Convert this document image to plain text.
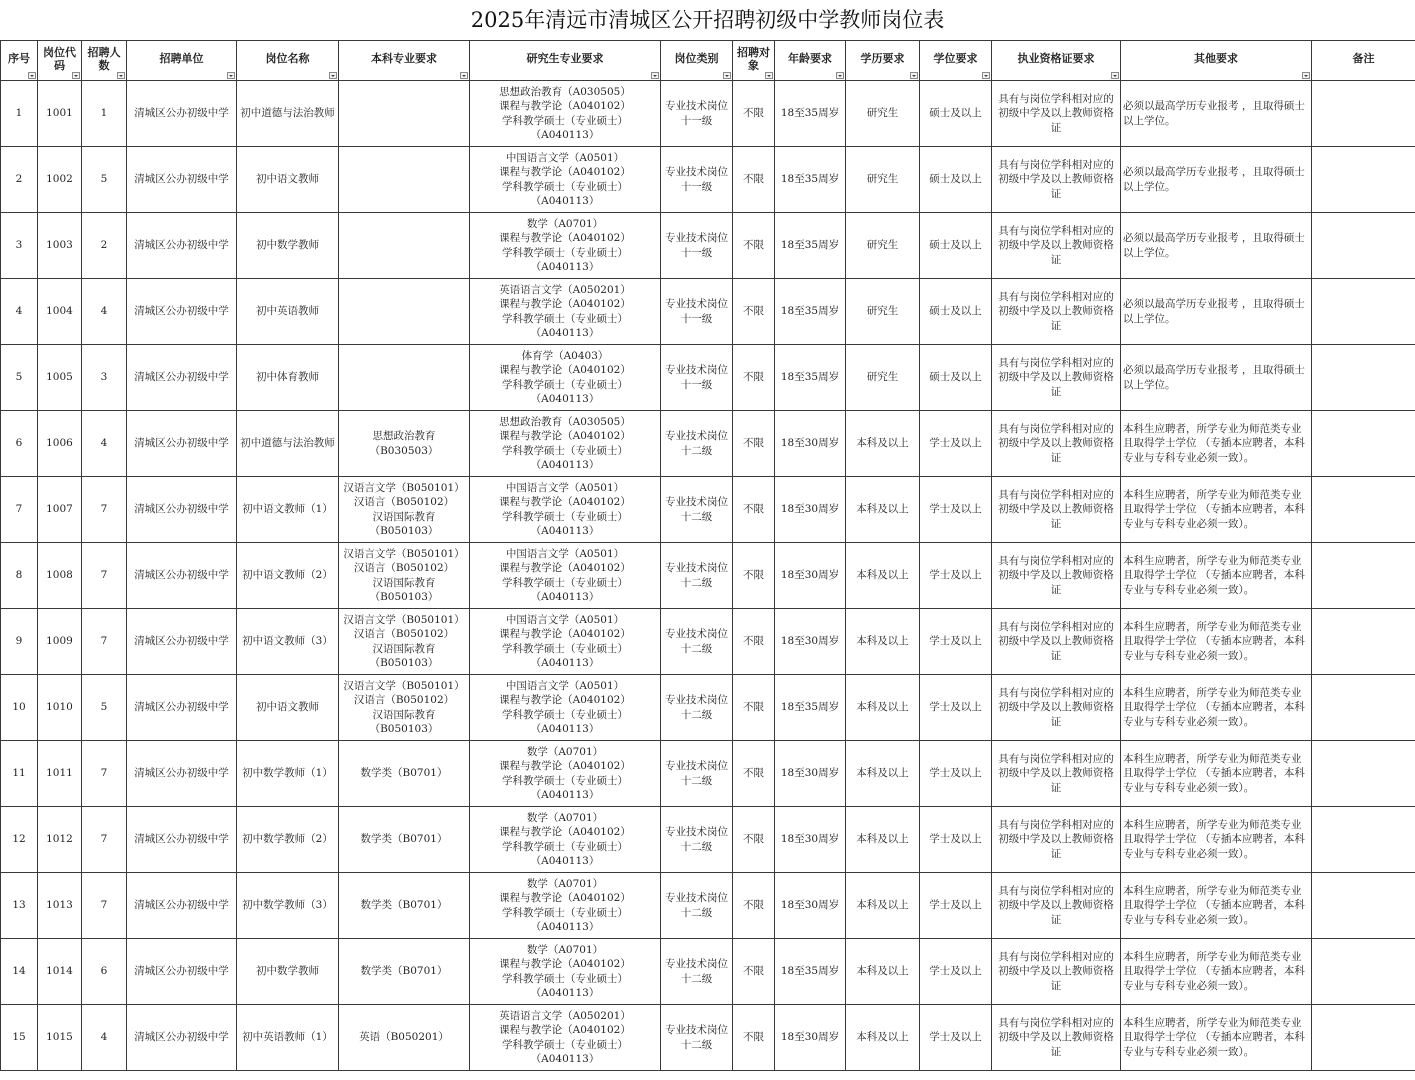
2025年清远市清城区公开招聘初级中学教师岗位表
序号	岗位代码	招聘人数	招聘单位	岗位名称	本科专业要求	研究生专业要求	岗位类别	招聘对象	年龄要求	学历要求	学位要求	执业资格证要求	其他要求	备注

1	1001	1	清城区公办初级中学	初中道德与法治教师		思想政治教育（A030505）
课程与教学论（A040102）
学科教学硕士（专业硕士）
（A040113）	专业技术岗位十一级	不限	18至35周岁	研究生	硕士及以上	具有与岗位学科相对应的初级中学及以上教师资格证	必须以最高学历专业报考 ，且取得硕士以上学位。	
2	1002	5	清城区公办初级中学	初中语文教师		中国语言文学（A0501）
课程与教学论（A040102）
学科教学硕士（专业硕士）
（A040113）	专业技术岗位十一级	不限	18至35周岁	研究生	硕士及以上	具有与岗位学科相对应的初级中学及以上教师资格证	必须以最高学历专业报考 ，且取得硕士以上学位。	
3	1003	2	清城区公办初级中学	初中数学教师		数学（A0701）
课程与教学论（A040102）
学科教学硕士（专业硕士）
（A040113）	专业技术岗位十一级	不限	18至35周岁	研究生	硕士及以上	具有与岗位学科相对应的初级中学及以上教师资格证	必须以最高学历专业报考 ，且取得硕士以上学位。	
4	1004	4	清城区公办初级中学	初中英语教师		英语语言文学（A050201）
课程与教学论（A040102）
学科教学硕士（专业硕士）
（A040113）	专业技术岗位十一级	不限	18至35周岁	研究生	硕士及以上	具有与岗位学科相对应的初级中学及以上教师资格证	必须以最高学历专业报考 ，且取得硕士以上学位。	
5	1005	3	清城区公办初级中学	初中体育教师		体育学（A0403）
课程与教学论（A040102）
学科教学硕士（专业硕士）
（A040113）	专业技术岗位十一级	不限	18至35周岁	研究生	硕士及以上	具有与岗位学科相对应的初级中学及以上教师资格证	必须以最高学历专业报考 ，且取得硕士以上学位。	
6	1006	4	清城区公办初级中学	初中道德与法治教师	思想政治教育
（B030503）	思想政治教育（A030505）
课程与教学论（A040102）
学科教学硕士（专业硕士）
（A040113）	专业技术岗位十二级	不限	18至30周岁	本科及以上	学士及以上	具有与岗位学科相对应的初级中学及以上教师资格证	本科生应聘者，所学专业为师范类专业且取得学士学位 （专插本应聘者，本科专业与专科专业必须一致）。	
7	1007	7	清城区公办初级中学	初中语文教师（1）	汉语言文学（B050101）
汉语言（B050102）
汉语国际教育
（B050103）	中国语言文学（A0501）
课程与教学论（A040102）
学科教学硕士（专业硕士）
（A040113）	专业技术岗位十二级	不限	18至30周岁	本科及以上	学士及以上	具有与岗位学科相对应的初级中学及以上教师资格证	本科生应聘者，所学专业为师范类专业且取得学士学位 （专插本应聘者，本科专业与专科专业必须一致）。	
8	1008	7	清城区公办初级中学	初中语文教师（2）	汉语言文学（B050101）
汉语言（B050102）
汉语国际教育
（B050103）	中国语言文学（A0501）
课程与教学论（A040102）
学科教学硕士（专业硕士）
（A040113）	专业技术岗位十二级	不限	18至30周岁	本科及以上	学士及以上	具有与岗位学科相对应的初级中学及以上教师资格证	本科生应聘者，所学专业为师范类专业且取得学士学位 （专插本应聘者，本科专业与专科专业必须一致）。	
9	1009	7	清城区公办初级中学	初中语文教师（3）	汉语言文学（B050101）
汉语言（B050102）
汉语国际教育
（B050103）	中国语言文学（A0501）
课程与教学论（A040102）
学科教学硕士（专业硕士）
（A040113）	专业技术岗位十二级	不限	18至30周岁	本科及以上	学士及以上	具有与岗位学科相对应的初级中学及以上教师资格证	本科生应聘者，所学专业为师范类专业且取得学士学位 （专插本应聘者，本科专业与专科专业必须一致）。	
10	1010	5	清城区公办初级中学	初中语文教师	汉语言文学（B050101）
汉语言（B050102）
汉语国际教育
（B050103）	中国语言文学（A0501）
课程与教学论（A040102）
学科教学硕士（专业硕士）
（A040113）	专业技术岗位十二级	不限	18至35周岁	本科及以上	学士及以上	具有与岗位学科相对应的初级中学及以上教师资格证	本科生应聘者，所学专业为师范类专业且取得学士学位 （专插本应聘者，本科专业与专科专业必须一致）。	
11	1011	7	清城区公办初级中学	初中数学教师（1）	数学类（B0701）	数学（A0701）
课程与教学论（A040102）
学科教学硕士（专业硕士）
（A040113）	专业技术岗位十二级	不限	18至30周岁	本科及以上	学士及以上	具有与岗位学科相对应的初级中学及以上教师资格证	本科生应聘者，所学专业为师范类专业且取得学士学位 （专插本应聘者，本科专业与专科专业必须一致）。	
12	1012	7	清城区公办初级中学	初中数学教师（2）	数学类（B0701）	数学（A0701）
课程与教学论（A040102）
学科教学硕士（专业硕士）
（A040113）	专业技术岗位十二级	不限	18至30周岁	本科及以上	学士及以上	具有与岗位学科相对应的初级中学及以上教师资格证	本科生应聘者，所学专业为师范类专业且取得学士学位 （专插本应聘者，本科专业与专科专业必须一致）。	
13	1013	7	清城区公办初级中学	初中数学教师（3）	数学类（B0701）	数学（A0701）
课程与教学论（A040102）
学科教学硕士（专业硕士）
（A040113）	专业技术岗位十二级	不限	18至30周岁	本科及以上	学士及以上	具有与岗位学科相对应的初级中学及以上教师资格证	本科生应聘者，所学专业为师范类专业且取得学士学位 （专插本应聘者，本科专业与专科专业必须一致）。	
14	1014	6	清城区公办初级中学	初中数学教师	数学类（B0701）	数学（A0701）
课程与教学论（A040102）
学科教学硕士（专业硕士）
（A040113）	专业技术岗位十二级	不限	18至35周岁	本科及以上	学士及以上	具有与岗位学科相对应的初级中学及以上教师资格证	本科生应聘者，所学专业为师范类专业且取得学士学位 （专插本应聘者，本科专业与专科专业必须一致）。	
15	1015	4	清城区公办初级中学	初中英语教师（1）	英语（B050201）	英语语言文学（A050201）
课程与教学论（A040102）
学科教学硕士（专业硕士）
（A040113）	专业技术岗位十二级	不限	18至30周岁	本科及以上	学士及以上	具有与岗位学科相对应的初级中学及以上教师资格证	本科生应聘者，所学专业为师范类专业且取得学士学位 （专插本应聘者，本科专业与专科专业必须一致）。	
